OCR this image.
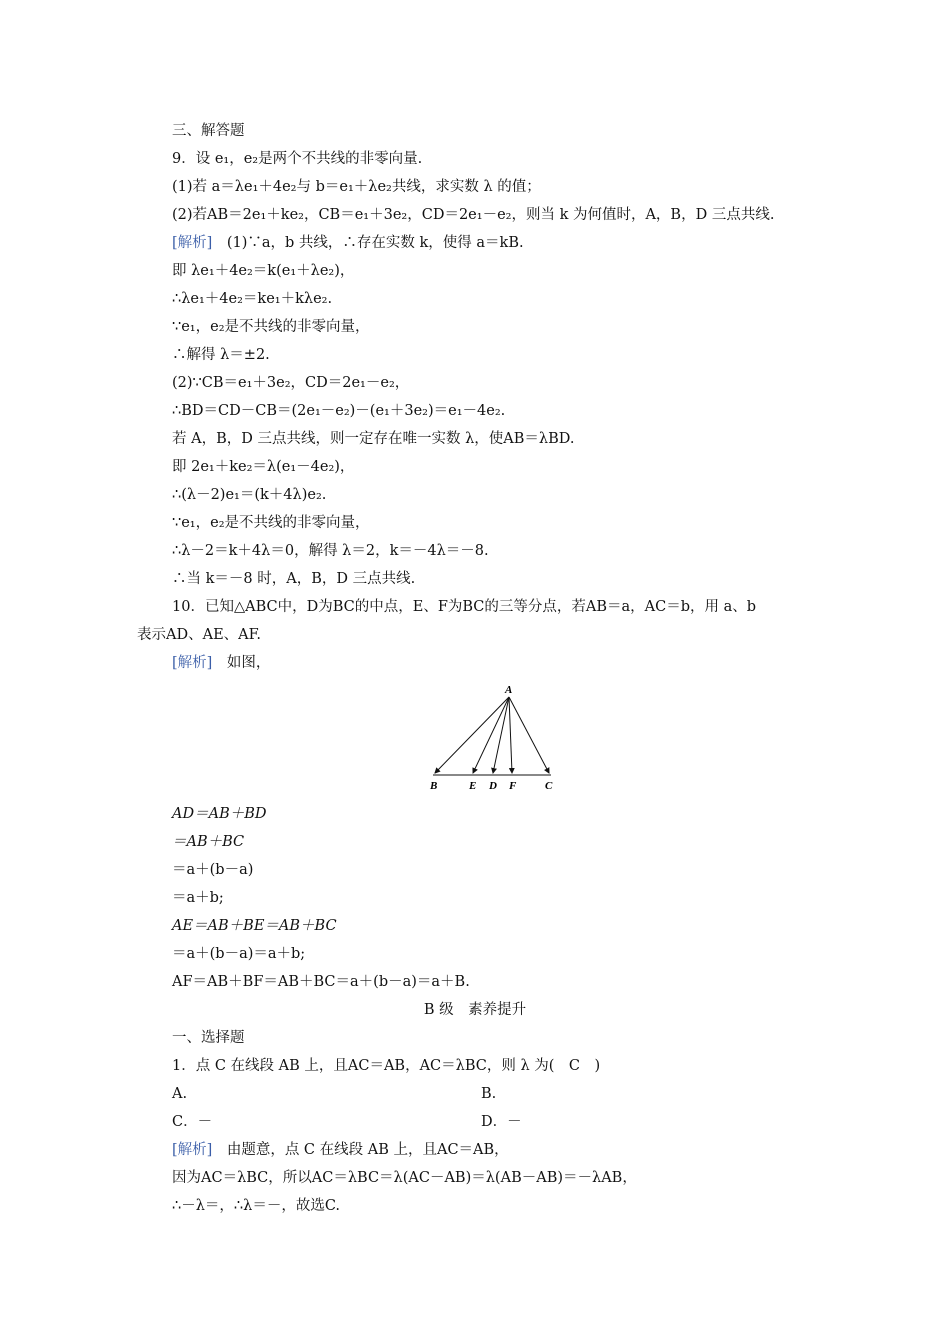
三、解答题
9．设 e₁，e₂是两个不共线的非零向量.
(1)若 a＝λe₁＋4e₂与 b＝e₁＋λe₂共线，求实数 λ 的值；
(2)若AB＝2e₁＋ke₂，CB＝e₁＋3e₂，CD＝2e₁－e₂，则当 k 为何值时，A，B，D 三点共线.
[解析]　(1)∵a，b 共线，∴存在实数 k，使得 a＝kB.
即 λe₁＋4e₂＝k(e₁＋λe₂)，
∴λe₁＋4e₂＝ke₁＋kλe₂.
∵e₁，e₂是不共线的非零向量，
∴解得 λ＝±2.
(2)∵CB＝e₁＋3e₂，CD＝2e₁－e₂，
∴BD＝CD－CB＝(2e₁－e₂)－(e₁＋3e₂)＝e₁－4e₂.
若 A，B，D 三点共线，则一定存在唯一实数 λ，使AB＝λBD.
即 2e₁＋ke₂＝λ(e₁－4e₂)，
∴(λ－2)e₁＝(k＋4λ)e₂.
∵e₁，e₂是不共线的非零向量，
∴λ－2＝k＋4λ＝0，解得 λ＝2，k＝－4λ＝－8.
∴当 k＝－8 时，A，B，D 三点共线.
10．已知△ABC中，D为BC的中点，E、F为BC的三等分点，若AB＝a，AC＝b，用 a、b
表示AD、AE、AF.
[解析]　如图，
A
B	E D F	C
AD＝AB＋BD
＝AB＋BC
＝a＋(b－a)
＝a＋b;
AE＝AB＋BE＝AB＋BC
＝a＋(b－a)＝a＋b;
AF＝AB＋BF＝AB＋BC＝a＋(b－a)＝a＋B.
B 级　素养提升
一、选择题
1．点 C 在线段 AB 上，且AC＝AB，AC＝λBC，则 λ 为(　C　)
A.	B.
C．－	D．－
[解析]　由题意，点 C 在线段 AB 上，且AC＝AB，
因为AC＝λBC，所以AC＝λBC＝λ(AC－AB)＝λ(AB－AB)＝－λAB，
∴－λ＝，∴λ＝－，故选C.
